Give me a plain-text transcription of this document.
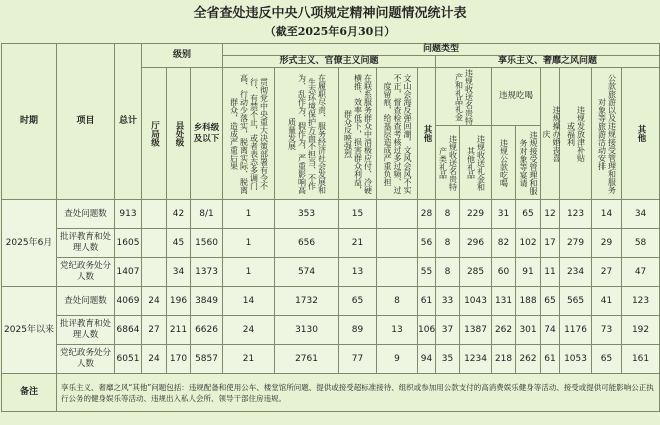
全省查处违反中央八项规定精神问题情况统计表
（截至2025年6月30日）
时期	项目	总计	级别			问题类型												
						形式主义、官僚主义问题					享乐主义、奢靡之风问题							

			厅局级	县处级	乡科级及以下	贯彻党中央重大决策部署有令不行、有禁不止，或者表态多调门高、行动少落实，脱离实际、脱离群众，造成严重后果	在履职尽责、服务经济社会发展和生态环境保护方面不担当、不作为、乱作为、假作为，严重影响高质量发展	在联系服务群众中消极应付、冷硬横推、效率低下，损害群众利益，群众反映强烈	文山会海反弹回潮，文风会风不实不正，督查检查考核过多过频、过度留痕，给基层造成严重负担	其他	违规收送名贵特产和礼品礼金		违规吃喝		违规操办婚丧喜庆	违规发放津补贴或福利	公款旅游以及违规接受管理和服务对象等旅游活动安排	其他

											违规收送名贵特产类礼品	违规收送礼金和其他礼品	违规公款吃喝	违规接受管理和服务对象等宴请				

2025年6月	查处问题数	913		42	8/1	1	353	15		28	8	229	31	65	12	123	14	34
	批评教育和处理人数	1605		45	1560	1	656	21		56	8	296	82	102	17	279	29	58
	党纪政务处分人数	1407		34	1373	1	574	13		55	8	285	60	91	11	234	27	47
2025年以来	查处问题数	4069	24	196	3849	14	1732	65	8	61	33	1043	131	188	65	565	41	123
	批评教育和处理人数	6864	27	211	6626	24	3130	89	13	106	37	1387	262	301	74	1176	73	192
	党纪政务处分人数	6051	24	170	5857	21	2761	77	9	94	35	1234	218	262	61	1053	65	161
备注	享乐主义、奢靡之风“其他”问题包括：违规配备和使用公车、楼堂馆所问题、提供或接受超标准接待、组织或参加用公款支付的高消费娱乐健身等活动、接受或提供可能影响公正执行公务的健身娱乐等活动、违规出入私人会所、领导干部住房违规。																	
